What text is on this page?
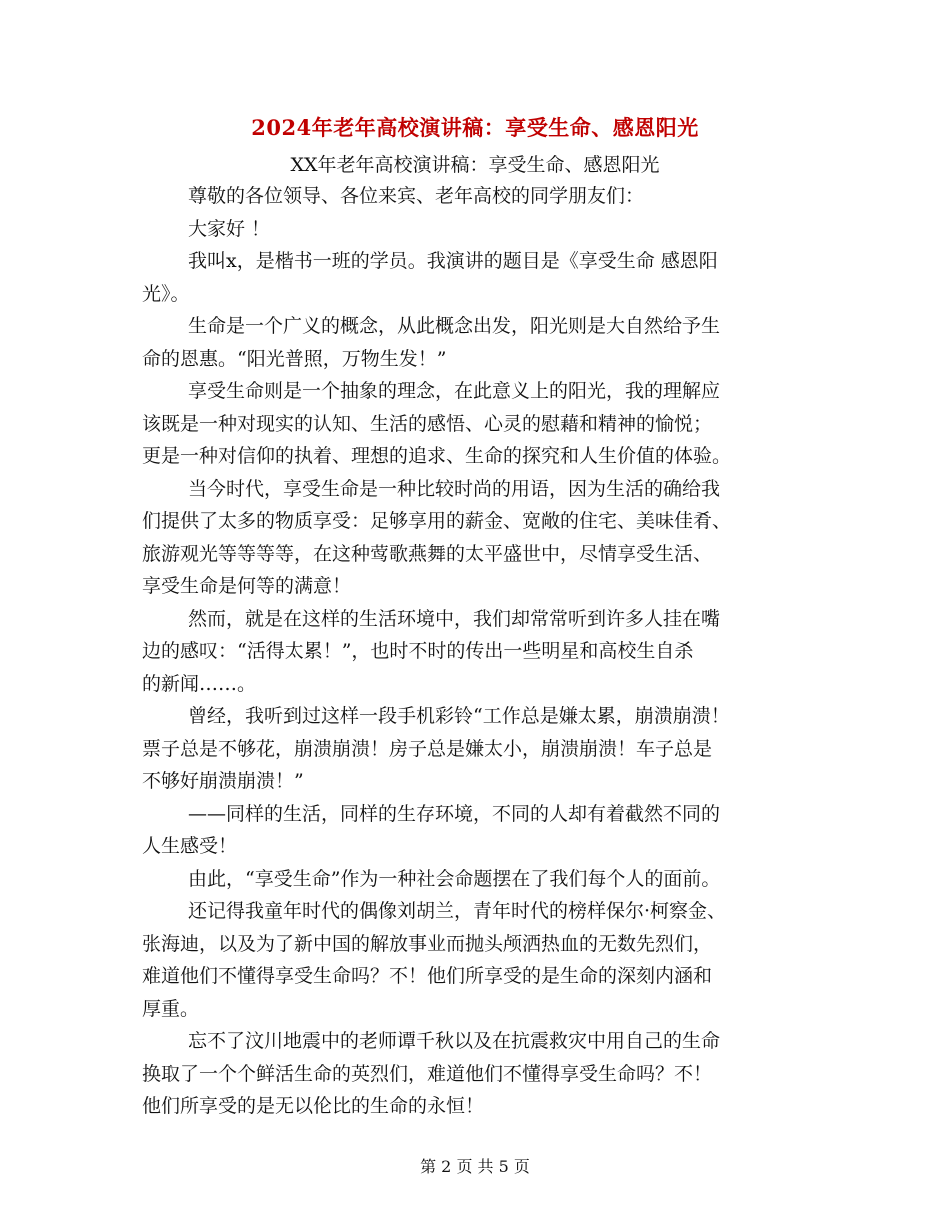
2024年老年高校演讲稿：享受生命、感恩阳光
XX年老年高校演讲稿：享受生命、感恩阳光
尊敬的各位领导、各位来宾、老年高校的同学朋友们：
大家好 ！
我叫x，是楷书一班的学员。我演讲的题目是《享受生命 感恩阳
光》。
生命是一个广义的概念，从此概念出发，阳光则是大自然给予生
命的恩惠。“阳光普照，万物生发！”
享受生命则是一个抽象的理念，在此意义上的阳光，我的理解应
该既是一种对现实的认知、生活的感悟、心灵的慰藉和精神的愉悦；
更是一种对信仰的执着、理想的追求、生命的探究和人生价值的体验。
当今时代，享受生命是一种比较时尚的用语，因为生活的确给我
们提供了太多的物质享受：足够享用的薪金、宽敞的住宅、美味佳肴、
旅游观光等等等等，在这种莺歌燕舞的太平盛世中，尽情享受生活、
享受生命是何等的满意！
然而，就是在这样的生活环境中，我们却常常听到许多人挂在嘴
边的感叹：“活得太累！”，也时不时的传出一些明星和高校生自杀
的新闻……。
曾经，我听到过这样一段手机彩铃“工作总是嫌太累，崩溃崩溃！
票子总是不够花，崩溃崩溃！房子总是嫌太小，崩溃崩溃！车子总是
不够好崩溃崩溃！”
——同样的生活，同样的生存环境，不同的人却有着截然不同的
人生感受！
由此，“享受生命”作为一种社会命题摆在了我们每个人的面前。
还记得我童年时代的偶像刘胡兰，青年时代的榜样保尔·柯察金、
张海迪，以及为了新中国的解放事业而抛头颅洒热血的无数先烈们，
难道他们不懂得享受生命吗？不！他们所享受的是生命的深刻内涵和
厚重。
忘不了汶川地震中的老师谭千秋以及在抗震救灾中用自己的生命
换取了一个个鲜活生命的英烈们，难道他们不懂得享受生命吗？不！
他们所享受的是无以伦比的生命的永恒！
第 2 页 共 5 页
